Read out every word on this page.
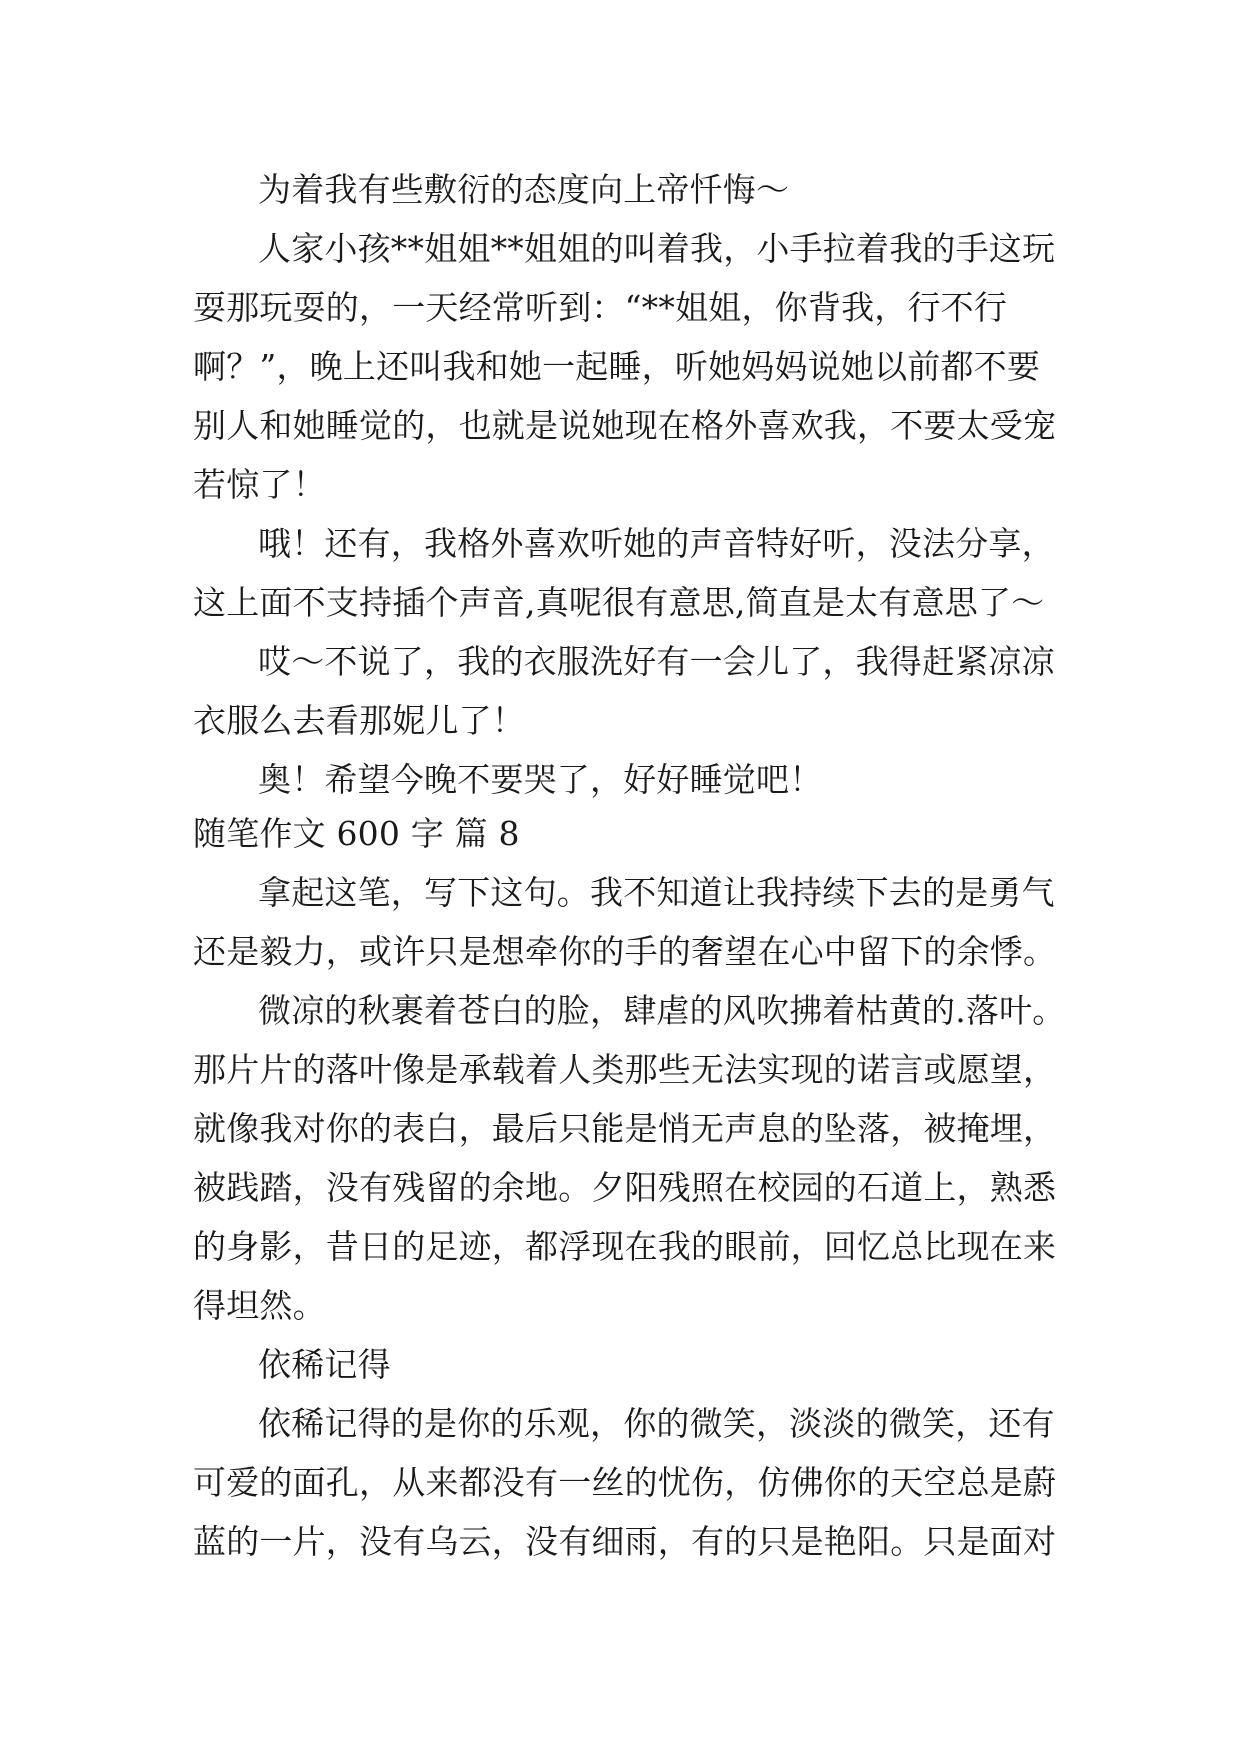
为着我有些敷衍的态度向上帝忏悔～

人家小孩**姐姐**姐姐的叫着我，小手拉着我的手这玩

耍那玩耍的，一天经常听到：“**姐姐，你背我，行不行

啊？”，晚上还叫我和她一起睡，听她妈妈说她以前都不要

别人和她睡觉的，也就是说她现在格外喜欢我，不要太受宠

若惊了！

哦！还有，我格外喜欢听她的声音特好听，没法分享，

这上面不支持插个声音,真呢很有意思,简直是太有意思了～

哎～不说了，我的衣服洗好有一会儿了，我得赶紧凉凉

衣服么去看那妮儿了！

奥！希望今晚不要哭了，好好睡觉吧！

随笔作文 600 字 篇 8

拿起这笔，写下这句。我不知道让我持续下去的是勇气

还是毅力，或许只是想牵你的手的奢望在心中留下的余悸。

微凉的秋裹着苍白的脸，肆虐的风吹拂着枯黄的.落叶。

那片片的落叶像是承载着人类那些无法实现的诺言或愿望，

就像我对你的表白，最后只能是悄无声息的坠落，被掩埋，

被践踏，没有残留的余地。夕阳残照在校园的石道上，熟悉

的身影，昔日的足迹，都浮现在我的眼前，回忆总比现在来

得坦然。

依稀记得

依稀记得的是你的乐观，你的微笑，淡淡的微笑，还有

可爱的面孔，从来都没有一丝的忧伤，仿佛你的天空总是蔚

蓝的一片，没有乌云，没有细雨，有的只是艳阳。只是面对
